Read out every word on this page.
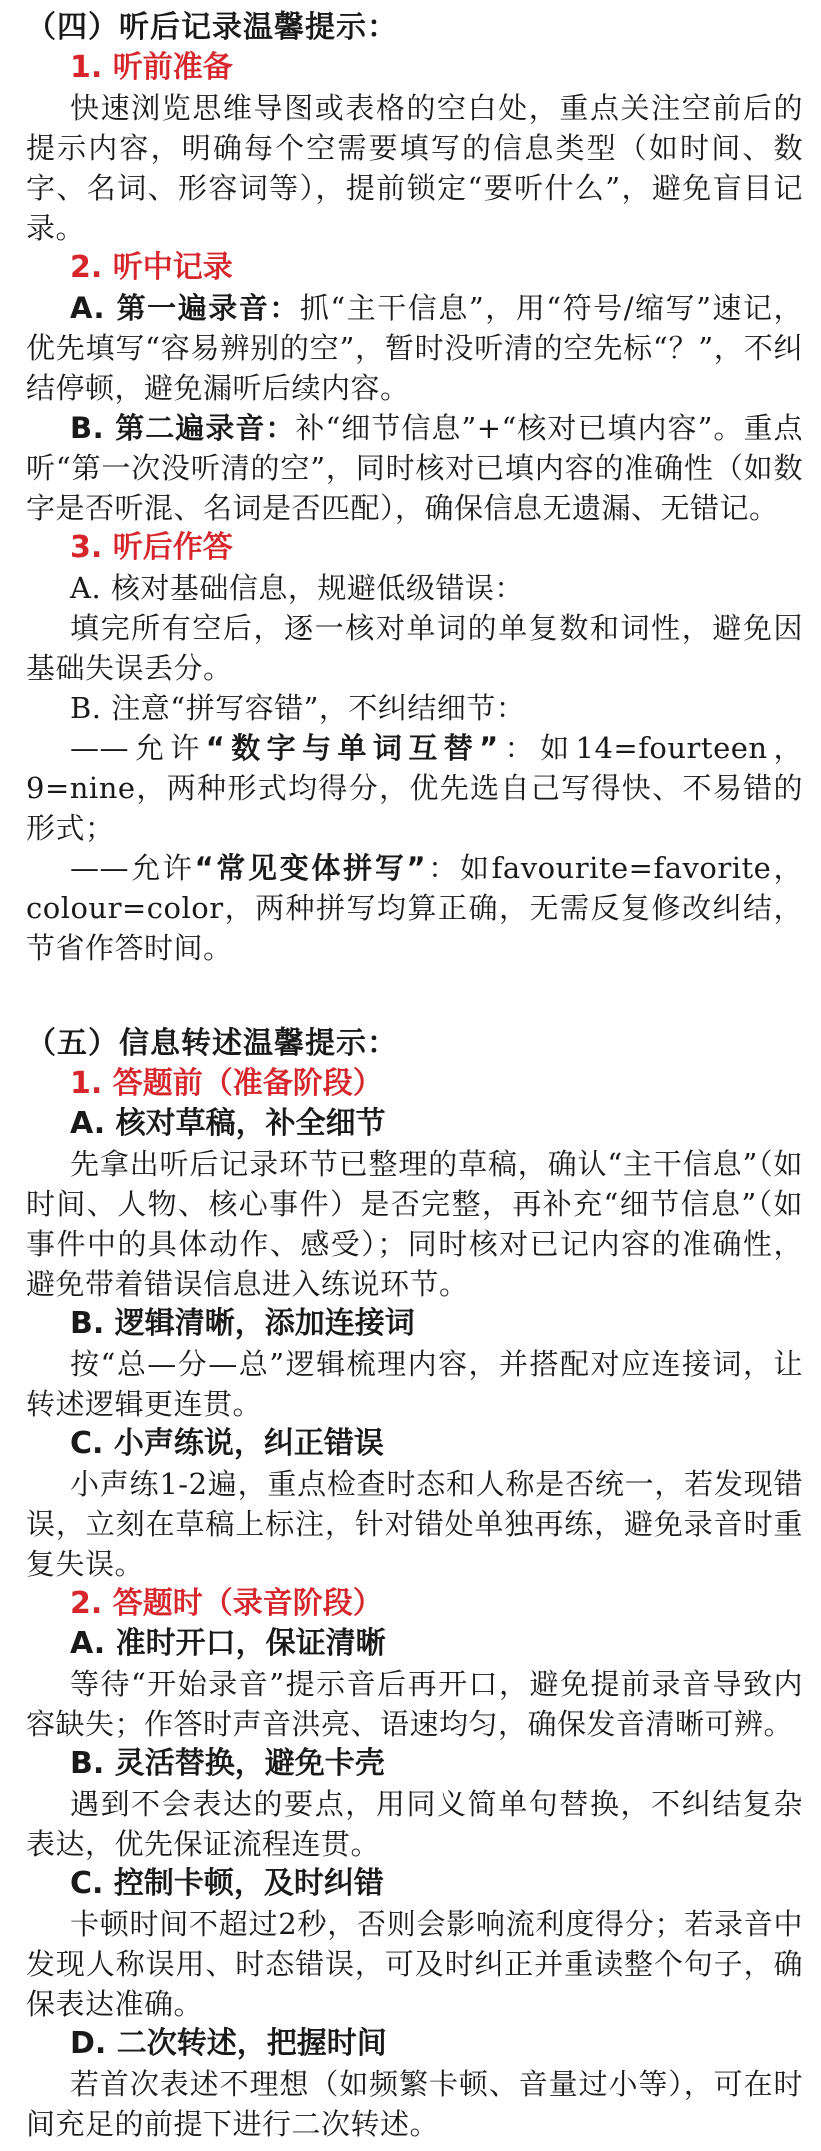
（四）听后记录温馨提示：
1. 听前准备

快速浏览思维导图或表格的空白处，重点关注空前后的提示内容，明确每个空需要填写的信息类型（如时间、数字、名词、形容词等），提前锁定“要听什么”，避免盲目记录。

2. 听中记录

A. 第一遍录音：抓“主干信息”，用“符号/缩写”速记，优先填写“容易辨别的空”，暂时没听清的空先标“？”，不纠结停顿，避免漏听后续内容。

B. 第二遍录音：补“细节信息”+“核对已填内容”。重点听“第一次没听清的空”，同时核对已填内容的准确性（如数字是否听混、名词是否匹配），确保信息无遗漏、无错记。

3. 听后作答

A. 核对基础信息，规避低级错误：

填完所有空后，逐一核对单词的单复数和词性，避免因基础失误丢分。

B. 注意“拼写容错”，不纠结细节：

——允许“数字与单词互替”：如14=fourteen，9=nine，两种形式均得分，优先选自己写得快、不易错的形式；

——允许“常见变体拼写”：如favourite=favorite，colour=color，两种拼写均算正确，无需反复修改纠结，节省作答时间。

（五）信息转述温馨提示：
1. 答题前（准备阶段）
A. 核对草稿，补全细节

先拿出听后记录环节已整理的草稿，确认“主干信息”（如时间、人物、核心事件）是否完整，再补充“细节信息”（如事件中的具体动作、感受）；同时核对已记内容的准确性，避免带着错误信息进入练说环节。

B. 逻辑清晰，添加连接词

按“总—分—总”逻辑梳理内容，并搭配对应连接词，让转述逻辑更连贯。

C. 小声练说，纠正错误

小声练1-2遍，重点检查时态和人称是否统一，若发现错误，立刻在草稿上标注，针对错处单独再练，避免录音时重复失误。

2. 答题时（录音阶段）
A. 准时开口，保证清晰

等待“开始录音”提示音后再开口，避免提前录音导致内容缺失；作答时声音洪亮、语速均匀，确保发音清晰可辨。

B. 灵活替换，避免卡壳

遇到不会表达的要点，用同义简单句替换，不纠结复杂表达，优先保证流程连贯。

C. 控制卡顿，及时纠错

卡顿时间不超过2秒，否则会影响流利度得分；若录音中发现人称误用、时态错误，可及时纠正并重读整个句子，确保表达准确。

D. 二次转述，把握时间

若首次表述不理想（如频繁卡顿、音量过小等），可在时间充足的前提下进行二次转述。
